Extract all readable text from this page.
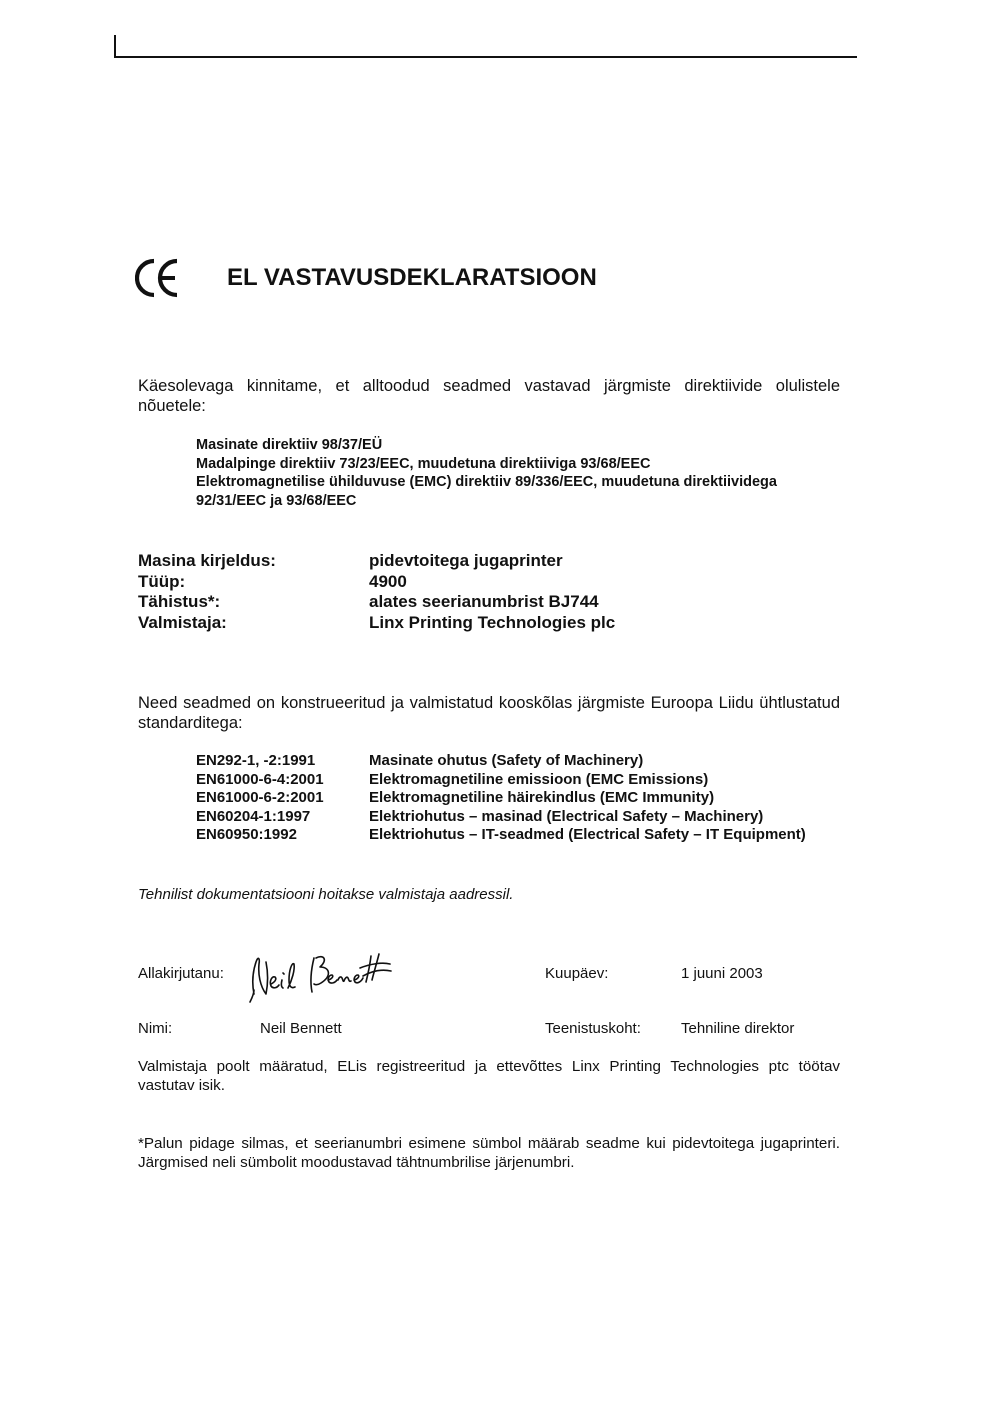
EL VASTAVUSDEKLARATSIOON
Käesolevaga kinnitame, et alltoodud seadmed vastavad järgmiste direktiivide olulistele nõuetele:
Masinate direktiiv 98/37/EÜ
Madalpinge direktiiv 73/23/EEC, muudetuna direktiiviga 93/68/EEC
Elektromagnetilise ühilduvuse (EMC) direktiiv 89/336/EEC, muudetuna direktiividega
92/31/EEC ja 93/68/EEC
Masina kirjeldus:	pidevtoitega jugaprinter
Tüüp:	4900
Tähistus*:	alates seerianumbrist BJ744
Valmistaja:	Linx Printing Technologies plc
Need seadmed on konstrueeritud ja valmistatud kooskõlas järgmiste Euroopa Liidu ühtlustatud standarditega:
EN292-1, -2:1991	Masinate ohutus (Safety of Machinery)
EN61000-6-4:2001	Elektromagnetiline emissioon (EMC Emissions)
EN61000-6-2:2001	Elektromagnetiline häirekindlus (EMC Immunity)
EN60204-1:1997	Elektriohutus – masinad (Electrical Safety – Machinery)
EN60950:1992	Elektriohutus – IT-seadmed (Electrical Safety – IT Equipment)
Tehnilist dokumentatsiooni hoitakse valmistaja aadressil.
Allakirjutanu:	Kuupäev:	1 juuni 2003
Nimi:	Neil Bennett	Teenistuskoht:	Tehniline direktor
Valmistaja poolt määratud, ELis registreeritud ja ettevõttes Linx Printing Technologies ptc töötav vastutav isik.
*Palun pidage silmas, et seerianumbri esimene sümbol määrab seadme kui pidevtoitega jugaprinteri. Järgmised neli sümbolit moodustavad tähtnumbrilise järjenumbri.
